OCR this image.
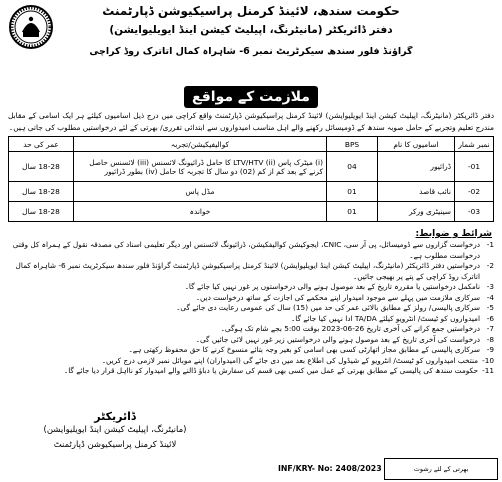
حکومت سندھ، لائینڈ کرمنل پراسیکیوشن ڈپارٹمنٹ
دفتر ڈائریکٹر (مانیٹرنگ، اپیلیٹ کیشن اینڈ ایویلیوایشن)
گراؤنڈ فلور سندھ سیکرٹریٹ نمبر 6- شاہراہ کمال اتاترک روڈ کراچی
ملازمت کے مواقع
دفتر ڈائریکٹر (مانیٹرنگ، اپیلیٹ کیشن اینڈ ایویلیوایشن) لائینڈ کرمنل پراسیکیوشن ڈپارٹمنٹ واقع کراچی میں درج ذیل اسامیوں کیلئے ہر ایک اسامی کے مقابل مندرج تعلیم وتجربے کے حامل صوبہ سندھ کے ڈومیسائل رکھنے والے اہل مناسب امیدواروں سے ابتدائی تقرری/ بھرتی کے لئے درخواستیں مطلوب کی جاتی ہیں۔
نمبر شمار	اسامیوں کا نام	BPS	کوالیفیکیشن/تجربہ	عمر کی حد
01-	ڈرائیور	04	(i) میٹرک پاس (ii) LTV/HTV کا حامل ڈرائیونگ لائسنس (iii) لائسنس حاصل کرنے کے بعد کم از کم (02) دو سال کا تجربہ کا حامل (iv) بطور ڈرائیور	18-28 سال
02-	نائب قاصد	01	مڈل پاس	18-28 سال
03-	سینیٹری ورکر	01	خواندہ	18-28 سال
شرائط و ضوابط:
1-
درخواست گزاروں سے ڈومیسائل، پی آر سی، CNIC، ایجوکیشن کوالیفکیشن، ڈرائیونگ لائسنس اور دیگر تعلیمی اسناد کی مصدقہ نقول کے ہمراہ کل وقتی درخواست مطلوب ہے۔
2-
درخواستیں دفتر ڈائریکٹر (مانیٹرنگ، اپیلیٹ کیشن اینڈ ایویلیوایشن) لائینڈ کرمنل پراسیکیوشن ڈپارٹمنٹ گراؤنڈ فلور سندھ سیکرٹریٹ نمبر 6- شاہراہ کمال اتاترک روڈ کراچی کے پتے پر بھیجی جائیں۔
3-
نامکمل درخواستیں یا مقررہ تاریخ کے بعد موصول ہونے والی درخواستوں پر غور نہیں کیا جائے گا۔
4-
سرکاری ملازمت میں پہلے سے موجود امیدوار اپنے محکمے کی اجازت کے ساتھ درخواست دیں۔
5-
سرکاری پالیسی/ رولز کے مطابق بالائی عمر کی حد میں (15) سال کی عمومی رعایت دی جائے گی۔
6-
امیدواروں کو ٹیسٹ/ انٹرویو کیلئے TA/DA ادا نہیں کیا جائے گا۔
7-
درخواستیں جمع کرانے کی آخری تاریخ 26-06-2023 بوقت 5:00 بجے شام تک ہوگی۔
8-
درخواست کی آخری تاریخ کے بعد موصول ہونے والی درخواستیں زیر غور نہیں لائی جائیں گی۔
9-
سرکاری پالیسی کے مطابق مجاز اتھارٹی کسی بھی اسامی کو بغیر وجہ بتائے منسوخ کرنے کا حق محفوظ رکھتی ہے۔
10-
منتخب امیدواروں کو ٹیسٹ/ انٹرویو کے شیڈول کی اطلاع بعد میں دی جائے گی (امیدواران) اپنے موبائل نمبر لازمی درج کریں۔
11-
حکومت سندھ کی پالیسی کے مطابق بھرتی کے عمل میں کسی بھی قسم کی سفارش یا دباؤ ڈالنے والے امیدوار کو نااہل قرار دیا جائے گا۔
ڈائریکٹر
(مانیٹرنگ، اپیلیٹ کیشن اینڈ ایویلیوایشن)
لائینڈ کرمنل پراسیکیوشن ڈپارٹمنٹ
INF/KRY- No: 2408/2023	بھرتی کے لئے رشوت
